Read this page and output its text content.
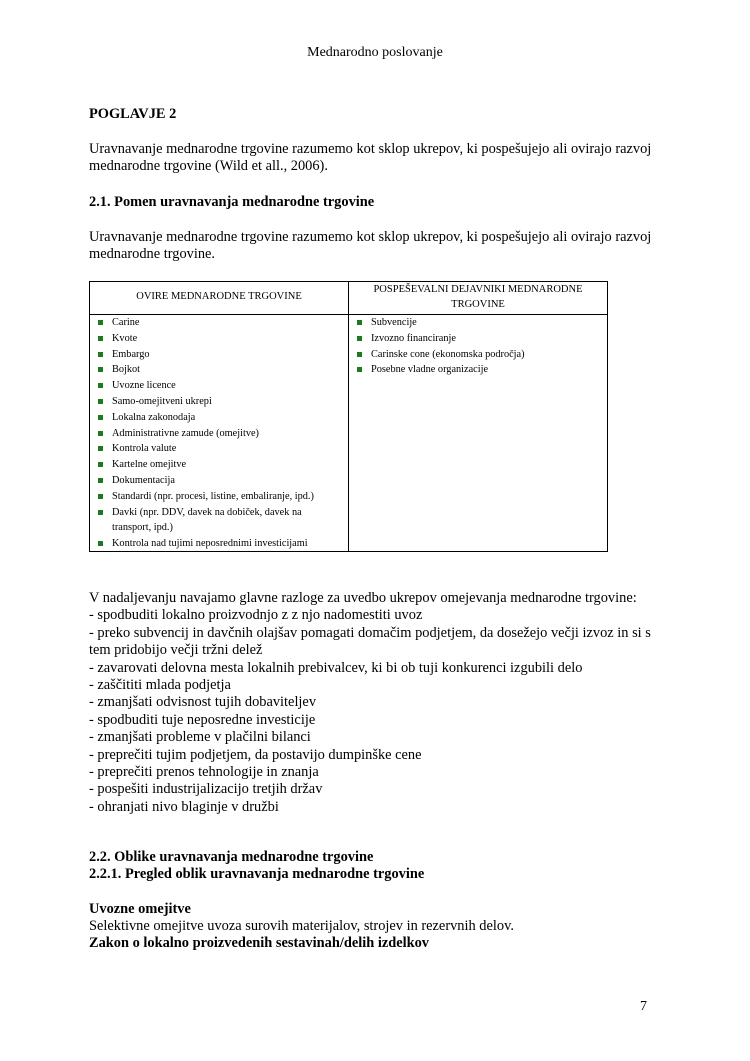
Mednarodno poslovanje
POGLAVJE 2
Uravnavanje mednarodne trgovine razumemo kot sklop ukrepov, ki pospešujejo ali ovirajo razvoj mednarodne trgovine (Wild et all., 2006).
2.1. Pomen uravnavanja mednarodne trgovine
Uravnavanje mednarodne trgovine razumemo kot sklop ukrepov, ki pospešujejo ali ovirajo razvoj mednarodne trgovine.
OVIRE MEDNARODNE TRGOVINE
POSPEŠEVALNI DEJAVNIKI MEDNARODNE TRGOVINE
Carine
Kvote
Embargo
Bojkot
Uvozne licence
Samo-omejitveni ukrepi
Lokalna zakonodaja
Administrativne zamude (omejitve)
Kontrola valute
Kartelne omejitve
Dokumentacija
Standardi (npr. procesi, listine, embaliranje, ipd.)
Davki (npr. DDV, davek na dobiček, davek na transport, ipd.)
Kontrola nad tujimi neposrednimi investicijami
Subvencije
Izvozno financiranje
Carinske cone (ekonomska področja)
Posebne vladne organizacije
V nadaljevanju navajamo glavne razloge za uvedbo ukrepov omejevanja mednarodne trgovine:
- spodbuditi lokalno proizvodnjo z z njo nadomestiti uvoz
- preko subvencij in davčnih olajšav pomagati domačim podjetjem, da dosežejo večji izvoz in si s tem pridobijo večji tržni delež
- zavarovati delovna mesta lokalnih prebivalcev, ki bi ob tuji konkurenci izgubili delo
- zaščititi mlada podjetja
- zmanjšati odvisnost tujih dobaviteljev
- spodbuditi tuje neposredne investicije
- zmanjšati probleme v plačilni bilanci
- preprečiti tujim podjetjem, da postavijo dumpinške cene
- preprečiti prenos tehnologije in znanja
- pospešiti industrijalizacijo tretjih držav
- ohranjati nivo blaginje v družbi
2.2. Oblike uravnavanja mednarodne trgovine
2.2.1. Pregled oblik uravnavanja mednarodne trgovine
Uvozne omejitve
Selektivne omejitve uvoza surovih materijalov, strojev in rezervnih delov.
Zakon o lokalno proizvedenih sestavinah/delih izdelkov
7
